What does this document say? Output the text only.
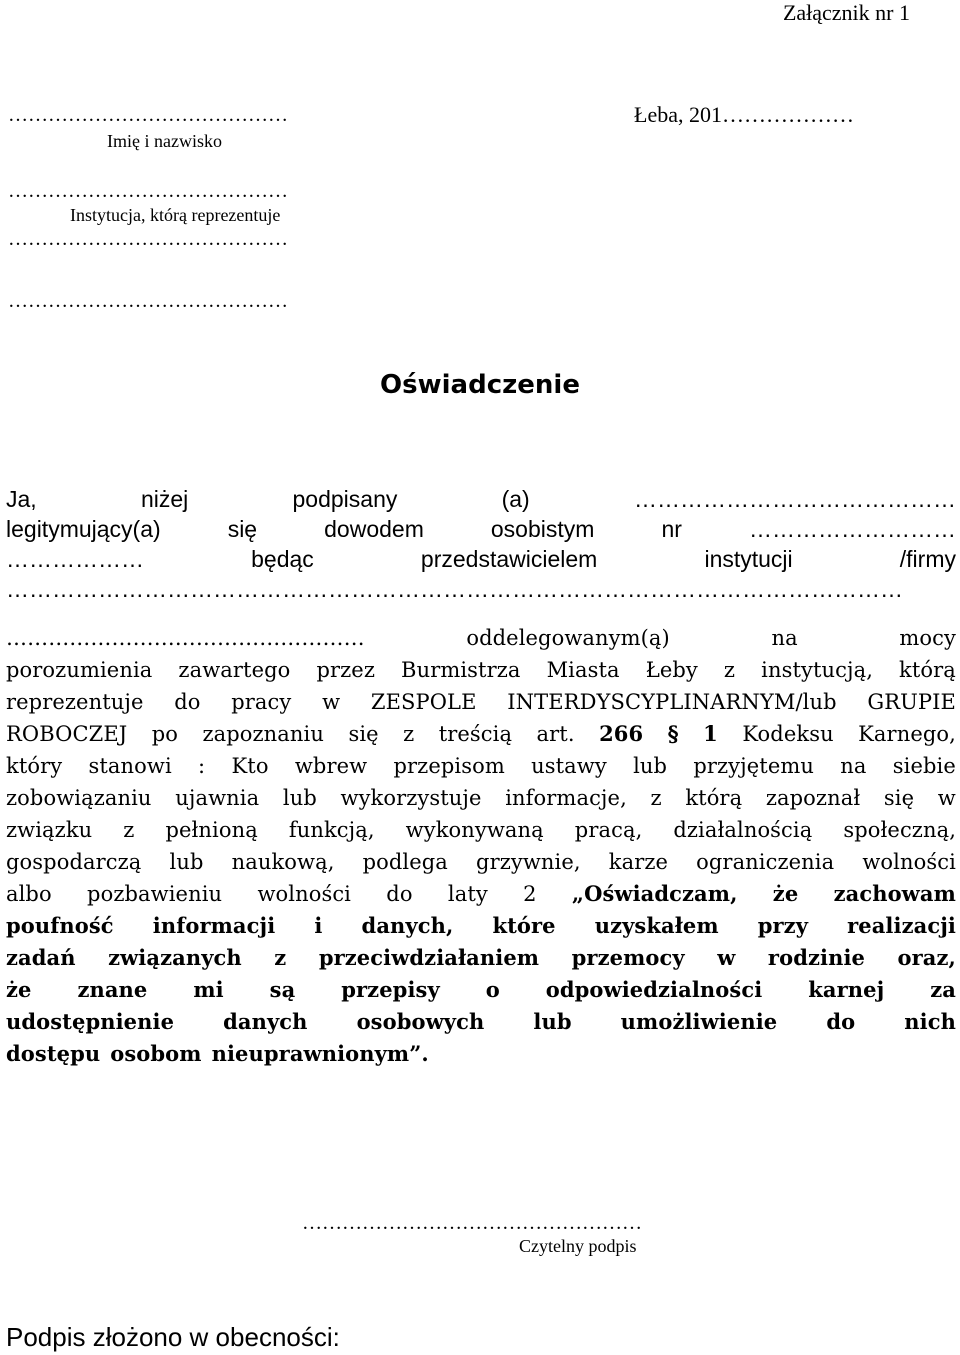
Załącznik nr 1
……………………………………
Imię i nazwisko
Łeba, 201………………
……………………………………
Instytucja, którą reprezentuje
……………………………………
……………………………………
Oświadczenie
Ja,	niżej	podpisany	(a)	……………………………………
legitymujący(a)	się	dowodem	osobistym	nr	………………………
………………	będąc	przedstawicielem	instytucji	/firmy
………………………………………………………………………………………………………
……………………………………………	oddelegowanym(ą)	na	mocy
porozumienia zawartego przez Burmistrza Miasta Łeby z instytucją, którą
reprezentuje do pracy w ZESPOLE INTERDYSCYPLINARNYM/lub GRUPIE
ROBOCZEJ po zapoznaniu się z treścią art. 266 § 1 Kodeksu Karnego,
który stanowi : Kto wbrew przepisom ustawy lub przyjętemu na siebie
zobowiązaniu ujawnia lub wykorzystuje informacje, z którą zapoznał się w
związku z pełnioną funkcją, wykonywaną pracą, działalnością społeczną,
gospodarczą lub naukową, podlega grzywnie, karze ograniczenia wolności
albo pozbawieniu wolności do laty 2 „Oświadczam, że zachowam
poufność informacji i danych, które uzyskałem przy realizacji
zadań związanych z przeciwdziałaniem przemocy w rodzinie oraz,
że znane mi są przepisy o odpowiedzialności karnej za
udostępnienie danych osobowych lub umożliwienie do nich
dostępu osobom nieuprawnionym”.
……………………………………………
Czytelny podpis
Podpis złożono w obecności:
